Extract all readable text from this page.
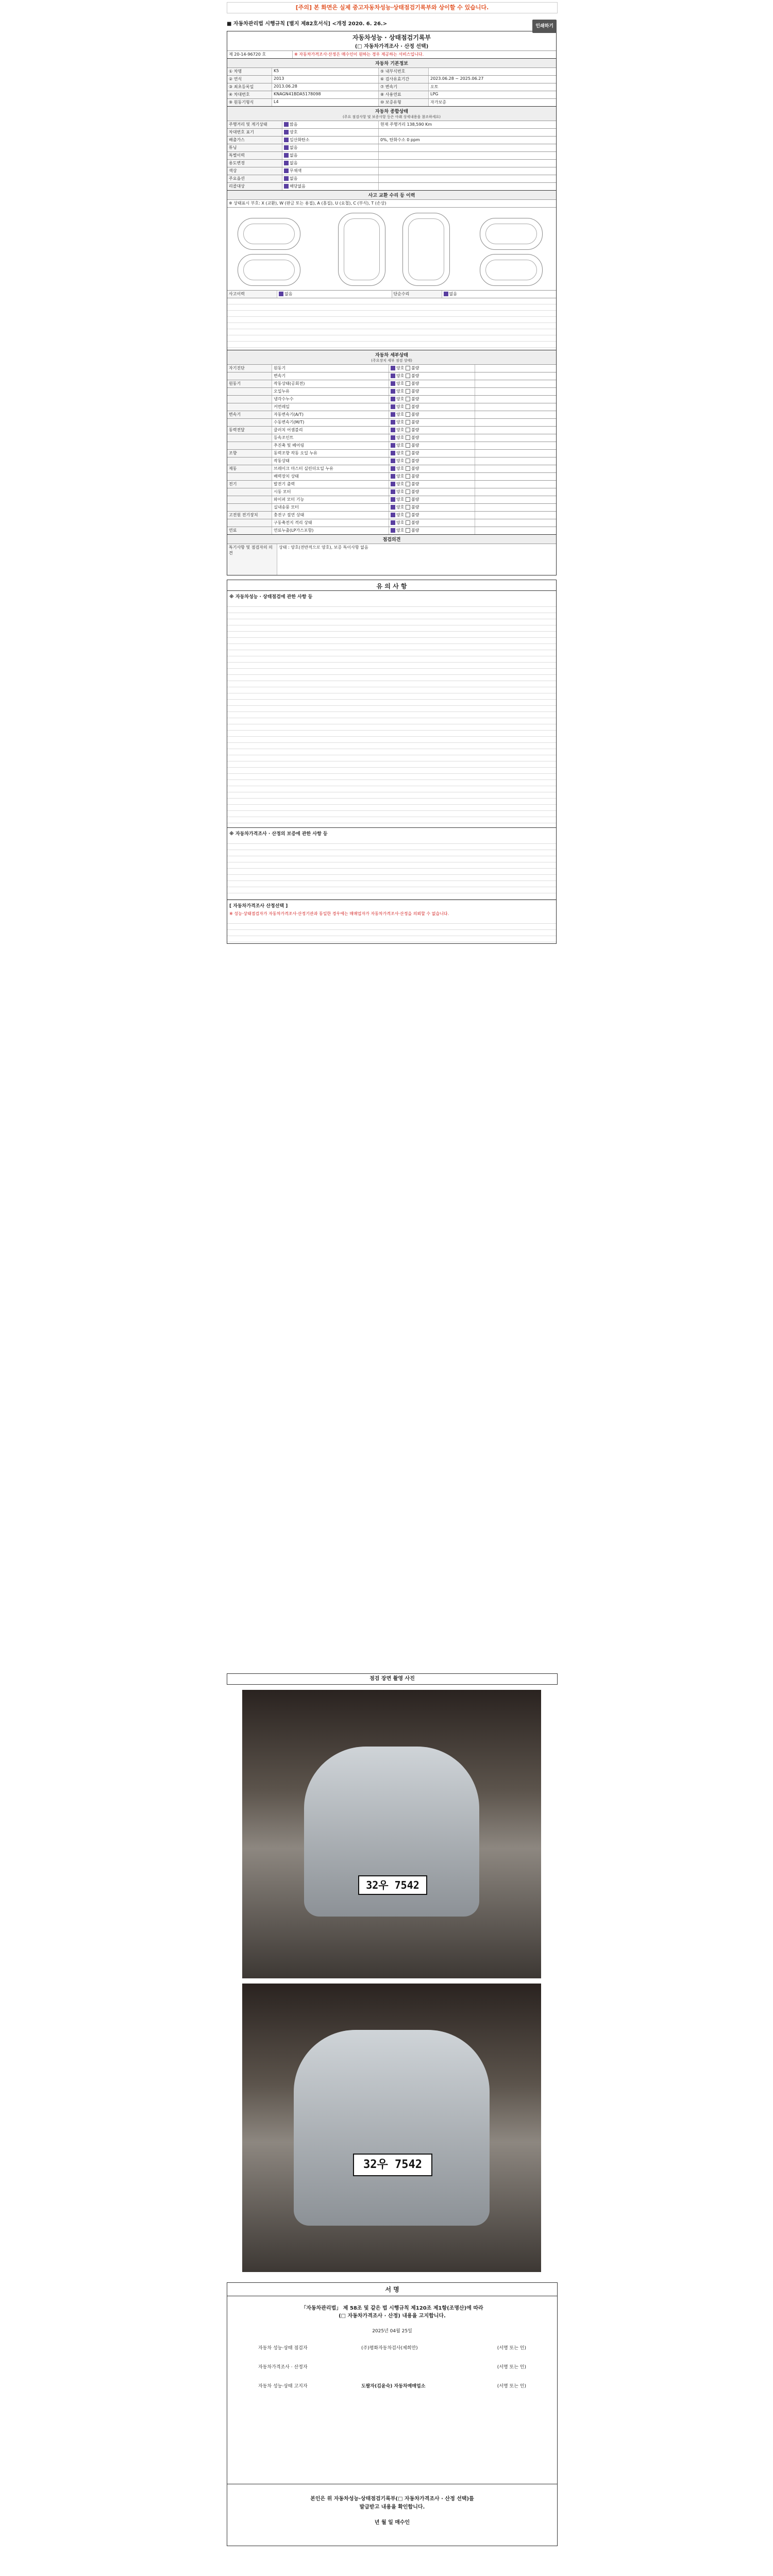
[주의] 본 화면은 실제 중고자동차성능·상태점검기록부와 상이할 수 있습니다.
■ 자동차관리법 시행규칙 [별지 제82호서식] <개정 2020. 6. 26.>	인쇄하기
자동차성능 · 상태점검기록부
(□ 자동차가격조사 · 산정 선택)
제 20-14-96720 호	※ 자동차가격조사·산정은 매수인이 원하는 경우 제공하는 서비스입니다.
자동차 기본정보
① 차명	K5	⑤ 내부식번호
② 연식	2013	⑥ 검사유효기간	2023.06.28 ~ 2025.06.27
③ 최초등록일	2013.06.28	⑦ 변속기	오토
④ 차대번호	KNAGN41BDA5178098	⑧ 사용연료	LPG
⑨ 원동기형식	L4	⑩ 보증유형	자가보증
자동차 종합상태
(주요 점검사항 및 보증사항 등은 아래 상세내용을 참조하세요)
주행거리 및 계기상태	많음	현재 주행거리 138,590 Km
차대번호 표기	양호
배출가스	일산화탄소	0%, 탄화수소 0 ppm
튜닝	없음
특별이력	없음
용도변경	없음
색상	무채색
주요옵션	없음
리콜대상	해당없음
사고 교환 수리 등 이력
※ 상태표시 부호: X (교환), W (판금 또는 용접), A (흠집), U (요철), C (부식), T (손상)
사고이력	없음	단순수리	없음
자동차 세부상태
(주요장치 세부 점검 상태)
자기진단	원동기	양호 불량
변속기	양호 불량
원동기	작동상태(공회전)	양호 불량
오일누유	양호 불량
냉각수누수	양호 불량
커먼레일	양호 불량
변속기	자동변속기(A/T)	양호 불량
수동변속기(M/T)	양호 불량
동력전달	클러치 어셈블리	양호 불량
등속조인트	양호 불량
추진축 및 베어링	양호 불량
조향	동력조향 작동 오일 누유	양호 불량
작동상태	양호 불량
제동	브레이크 마스터 실린더오일 누유	양호 불량
배력장치 상태	양호 불량
전기	발전기 출력	양호 불량
시동 모터	양호 불량
와이퍼 모터 기능	양호 불량
실내송풍 모터	양호 불량
고전원 전기장치	충전구 절연 상태	양호 불량
구동축전지 격리 상태	양호 불량
연료	연료누출(LP가스포함)	양호 불량
점검의견
특기사항 및 점검자의 의견
상태 : 양호(전반적으로 양호), 보증 특이사항 없음
유 의 사 항
※ 자동차성능 · 상태점검에 관한 사항 등
※ 자동차가격조사 · 산정의 보증에 관한 사항 등
[ 자동차가격조사 산정선택 ]
※ 성능·상태점검자가 자동차가격조사·산정기관과 동일한 경우에는 매매업자가 자동차가격조사·산정을 의뢰할 수 없습니다.
점검 장면 촬영 사진
32우 7542
32우 7542
서 명
「자동차관리법」 제 58조 및 같은 법 시행규칙 제120조 제1항(조명산)에 따라
(□ 자동차가격조사 · 산정) 내용을 고지합니다.
2025년 04월 25일
자동차 성능·상태 점검자	(주)평화자동차검사(제희만)	(서명 또는 인)
자동차가격조사 · 산정자	(서명 또는 인)
자동차 성능·상태 고지자	도팔자(김윤숙) 자동차매매업소	(서명 또는 인)
본인은 위 자동차성능·상태점검기록부(□ 자동차가격조사 · 산정 선택)를
발급받고 내용을 확인합니다.
년 월 일 매수인
